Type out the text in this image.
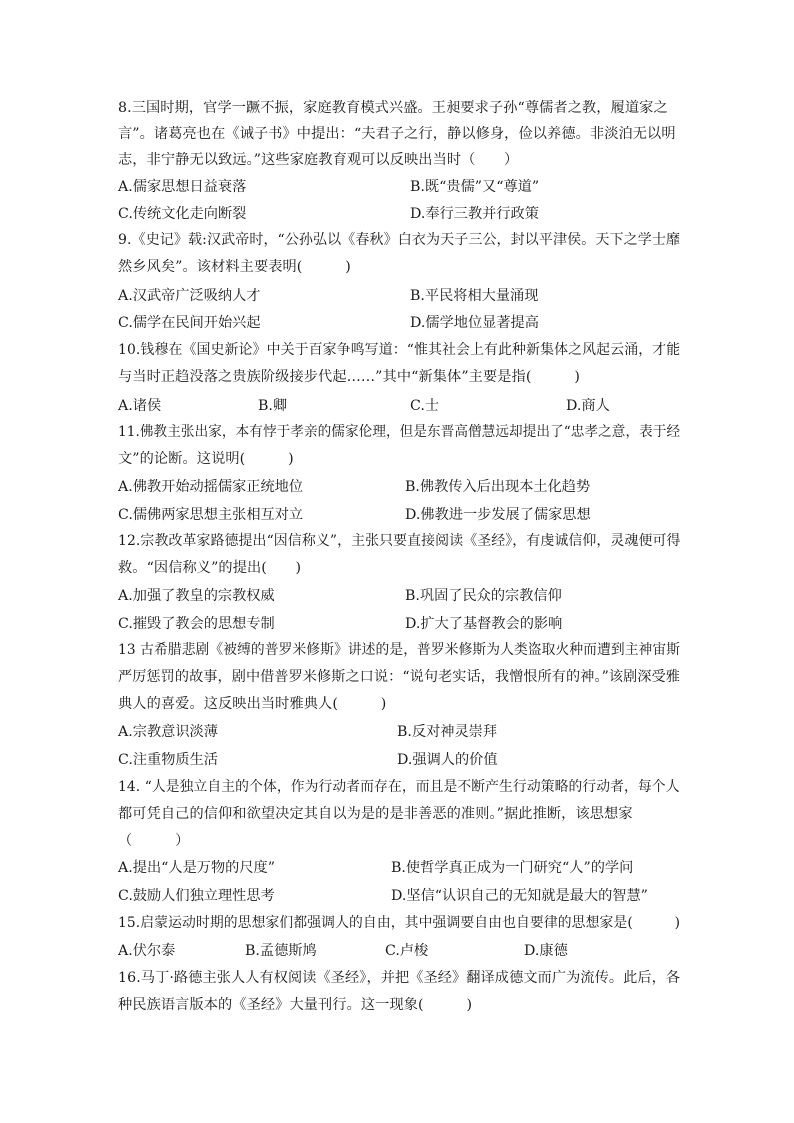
8.三国时期，官学一蹶不振，家庭教育模式兴盛。王昶要求子孙“尊儒者之教，履道家之
言”。诸葛亮也在《诫子书》中提出：“夫君子之行，静以修身，俭以养德。非淡泊无以明
志，非宁静无以致远。”这些家庭教育观可以反映出当时（　　）
A.儒家思想日益衰落	B.既“贵儒”又“尊道”
C.传统文化走向断裂	D.奉行三教并行政策
9.《史记》载:汉武帝时，“公孙弘以《春秋》白衣为天子三公，封以平津侯。天下之学士靡
然乡风矣”。该材料主要表明(　　　)
A.汉武帝广泛吸纳人才	B.平民将相大量涌现
C.儒学在民间开始兴起	D.儒学地位显著提高
10.钱穆在《国史新论》中关于百家争鸣写道：“惟其社会上有此种新集体之风起云涌，才能
与当时正趋没落之贵族阶级接步代起……”其中“新集体”主要是指(　　　)
A.诸侯	B.卿	C.士	D.商人
11.佛教主张出家，本有悖于孝亲的儒家伦理，但是东晋高僧慧远却提出了“忠孝之意，表于经
文”的论断。这说明(　　　)
A.佛教开始动摇儒家正统地位	B.佛教传入后出现本土化趋势
C.儒佛两家思想主张相互对立	D.佛教进一步发展了儒家思想
12.宗教改革家路德提出“因信称义”，主张只要直接阅读《圣经》，有虔诚信仰，灵魂便可得
救。“因信称义”的提出(　　)
A.加强了教皇的宗教权威	B.巩固了民众的宗教信仰
C.摧毁了教会的思想专制	D.扩大了基督教会的影响
13 古希腊悲剧《被缚的普罗米修斯》讲述的是，普罗米修斯为人类盗取火种而遭到主神宙斯
严厉惩罚的故事，剧中借普罗米修斯之口说：“说句老实话，我憎恨所有的神。”该剧深受雅
典人的喜爱。这反映出当时雅典人(　　　)
A.宗教意识淡薄	B.反对神灵崇拜
C.注重物质生活	D.强调人的价值
14. “人是独立自主的个体，作为行动者而存在，而且是不断产生行动策略的行动者，每个人
都可凭自己的信仰和欲望决定其自以为是的是非善恶的准则。”据此推断，该思想家
（　　　）
A.提出“人是万物的尺度”	B.使哲学真正成为一门研究“人”的学问
C.鼓励人们独立理性思考	D.坚信“认识自己的无知就是最大的智慧”
15.启蒙运动时期的思想家们都强调人的自由，其中强调要自由也自要律的思想家是(　　　)
A.伏尔泰	B.孟德斯鸠	C.卢梭	D.康德
16.马丁·路德主张人人有权阅读《圣经》，并把《圣经》翻译成德文而广为流传。此后，各
种民族语言版本的《圣经》大量刊行。这一现象(　　　)
